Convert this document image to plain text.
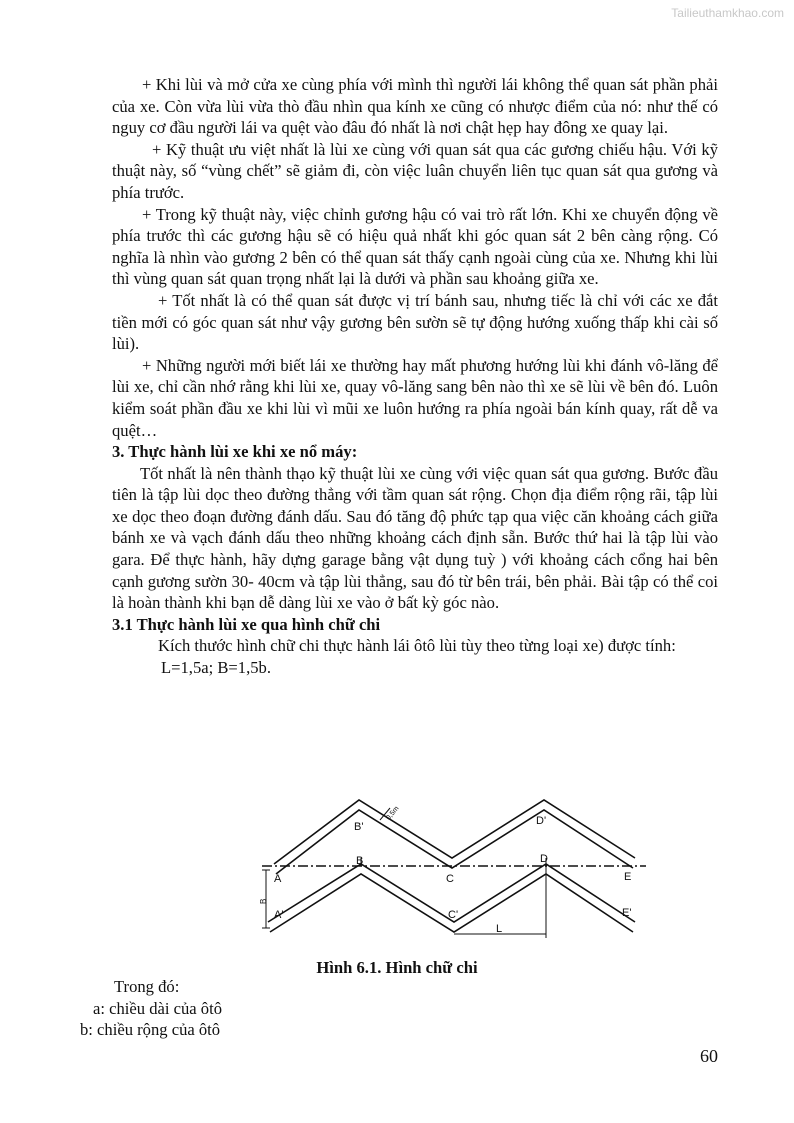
Tailieuthamkhao.com

+ Khi lùi và mở cửa xe cùng phía với mình thì người lái không thể quan sát phần phải của xe. Còn vừa lùi vừa thò đầu nhìn qua kính xe cũng có nhược điểm của nó: như thế có nguy cơ đầu người lái va quệt vào đâu đó nhất là nơi chật hẹp hay đông xe quay lại.

+ Kỹ thuật ưu việt nhất là lùi xe cùng với quan sát qua các gương chiếu hậu. Với kỹ thuật này, số “vùng chết” sẽ giảm đi, còn việc luân chuyển liên tục quan sát qua gương và phía trước.

+ Trong kỹ thuật này, việc chỉnh gương hậu có vai trò rất lớn. Khi xe chuyển động về phía trước thì các gương hậu sẽ có hiệu quả nhất khi góc quan sát 2 bên càng rộng. Có nghĩa là nhìn vào gương 2 bên có thể quan sát thấy cạnh ngoài cùng của xe. Nhưng khi lùi thì vùng quan sát quan trọng nhất lại là dưới và phần sau khoảng giữa xe.

+ Tốt nhất là có thể quan sát được vị trí bánh sau, nhưng tiếc là chỉ với các xe đắt tiền mới có góc quan sát như vậy gương bên sườn sẽ tự động hướng xuống thấp khi cài số lùi).

+ Những người mới biết lái xe thường hay mất phương hướng lùi khi đánh vô-lăng để lùi xe, chỉ cần nhớ rằng khi lùi xe, quay vô-lăng sang bên nào thì xe sẽ lùi về bên đó. Luôn kiểm soát phần đầu xe khi lùi vì mũi xe luôn hướng ra phía ngoài bán kính quay, rất dễ va quệt…

3. Thực hành lùi xe khi xe nổ máy:

Tốt nhất là nên thành thạo kỹ thuật lùi xe cùng với việc quan sát qua gương. Bước đầu tiên là tập lùi dọc theo đường thẳng với tầm quan sát rộng. Chọn địa điểm rộng rãi, tập lùi xe dọc theo đoạn đường đánh dấu. Sau đó tăng độ phức tạp qua việc căn khoảng cách giữa bánh xe và vạch đánh dấu theo những khoảng cách định sẵn. Bước thứ hai là tập lùi vào gara. Để thực hành, hãy dựng garage bằng vật dụng tuỳ ) với khoảng cách cổng hai bên cạnh gương sườn 30- 40cm và tập lùi thẳng, sau đó từ bên trái, bên phải. Bài tập có thể coi là hoàn thành khi bạn dễ dàng lùi xe vào ở bất kỳ góc nào.

3.1 Thực hành lùi xe qua hình chữ chi

Kích thước hình chữ chi thực hành lái ôtô lùi tùy theo từng loại xe) được tính:

L=1,5a; B=1,5b.

A
A'
B
B'
C
C'
D
D'
E
E'
L
B
0,5m
Hình 6.1. Hình chữ chi
Trong đó:
a: chiều dài của ôtô
b: chiều rộng của ôtô
60
